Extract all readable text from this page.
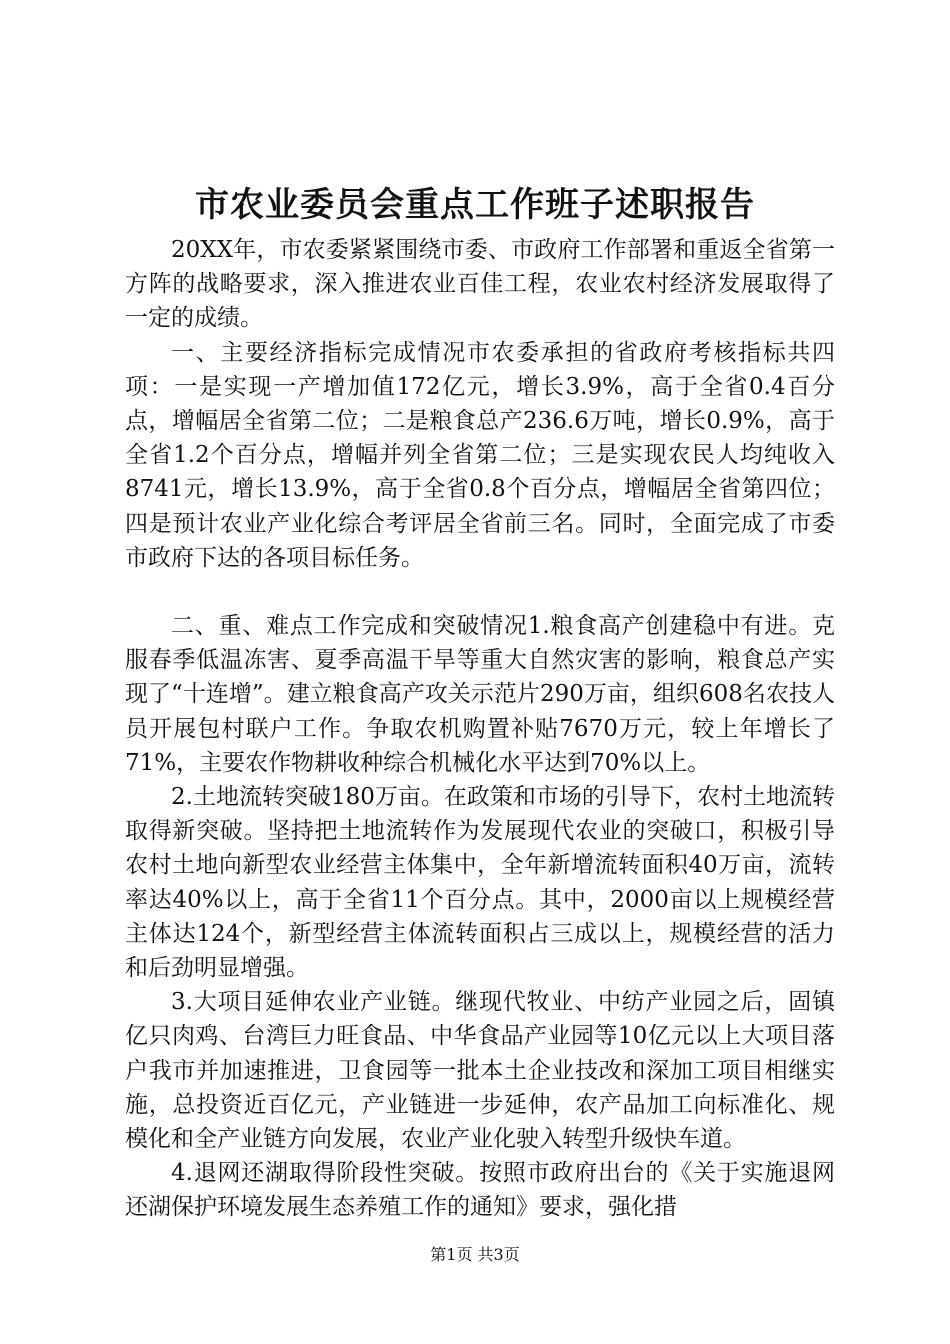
市农业委员会重点工作班子述职报告

20XX年，市农委紧紧围绕市委、市政府工作部署和重返全省第一方阵的战略要求，深入推进农业百佳工程，农业农村经济发展取得了一定的成绩。

一、主要经济指标完成情况市农委承担的省政府考核指标共四项：一是实现一产增加值172亿元，增长3.9%，高于全省0.4百分点，增幅居全省第二位；二是粮食总产236.6万吨，增长0.9%，高于全省1.2个百分点，增幅并列全省第二位；三是实现农民人均纯收入8741元，增长13.9%，高于全省0.8个百分点，增幅居全省第四位；四是预计农业产业化综合考评居全省前三名。同时，全面完成了市委市政府下达的各项目标任务。

二、重、难点工作完成和突破情况1.粮食高产创建稳中有进。克服春季低温冻害、夏季高温干旱等重大自然灾害的影响，粮食总产实现了“十连增”。建立粮食高产攻关示范片290万亩，组织608名农技人员开展包村联户工作。争取农机购置补贴7670万元，较上年增长了71%，主要农作物耕收种综合机械化水平达到70%以上。

2.土地流转突破180万亩。在政策和市场的引导下，农村土地流转取得新突破。坚持把土地流转作为发展现代农业的突破口，积极引导农村土地向新型农业经营主体集中，全年新增流转面积40万亩，流转率达40%以上，高于全省11个百分点。其中，2000亩以上规模经营主体达124个，新型经营主体流转面积占三成以上，规模经营的活力和后劲明显增强。

3.大项目延伸农业产业链。继现代牧业、中纺产业园之后，固镇亿只肉鸡、台湾巨力旺食品、中华食品产业园等10亿元以上大项目落户我市并加速推进，卫食园等一批本土企业技改和深加工项目相继实施，总投资近百亿元，产业链进一步延伸，农产品加工向标准化、规模化和全产业链方向发展，农业产业化驶入转型升级快车道。

4.退网还湖取得阶段性突破。按照市政府出台的《关于实施退网还湖保护环境发展生态养殖工作的通知》要求，强化措

第1页 共3页
